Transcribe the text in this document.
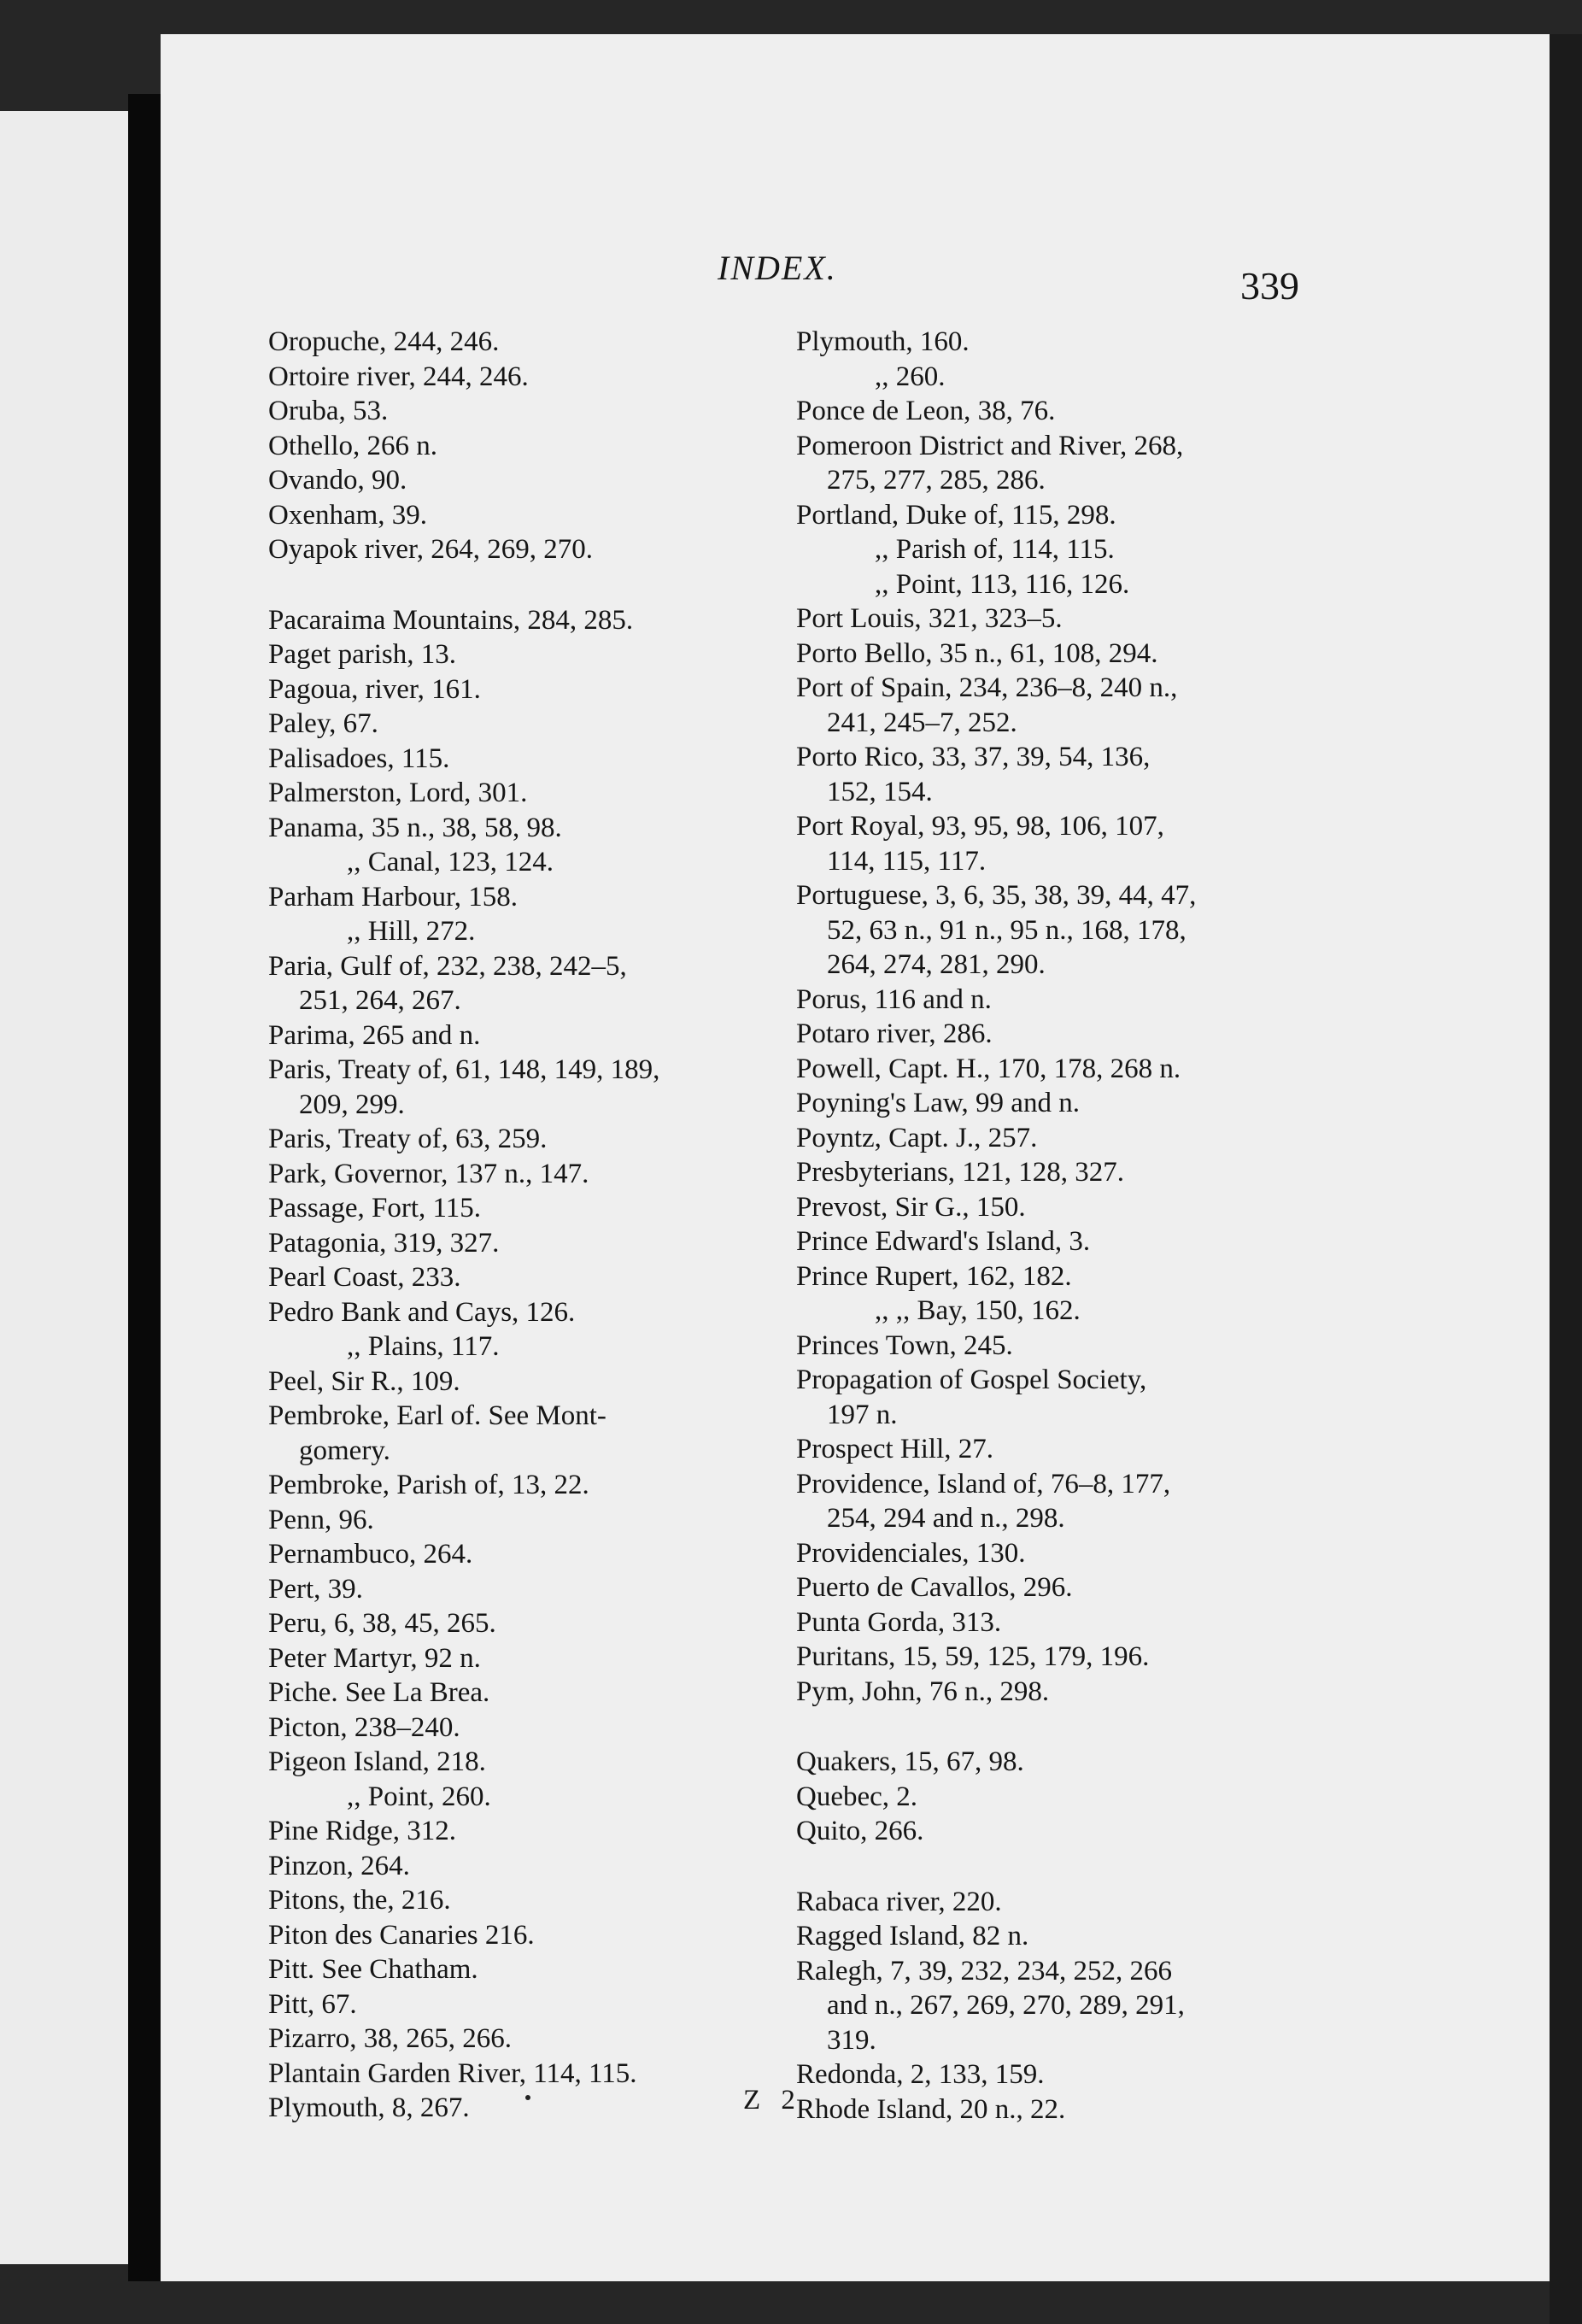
INDEX.	339
Oropuche, 244, 246.
Ortoire river, 244, 246.
Oruba, 53.
Othello, 266 n.
Ovando, 90.
Oxenham, 39.
Oyapok river, 264, 269, 270.
Pacaraima Mountains, 284, 285.
Paget parish, 13.
Pagoua, river, 161.
Paley, 67.
Palisadoes, 115.
Palmerston, Lord, 301.
Panama, 35 n., 38, 58, 98.
,, Canal, 123, 124.
Parham Harbour, 158.
,, Hill, 272.
Paria, Gulf of, 232, 238, 242–5,
251, 264, 267.
Parima, 265 and n.
Paris, Treaty of, 61, 148, 149, 189,
209, 299.
Paris, Treaty of, 63, 259.
Park, Governor, 137 n., 147.
Passage, Fort, 115.
Patagonia, 319, 327.
Pearl Coast, 233.
Pedro Bank and Cays, 126.
,, Plains, 117.
Peel, Sir R., 109.
Pembroke, Earl of. See Mont-
gomery.
Pembroke, Parish of, 13, 22.
Penn, 96.
Pernambuco, 264.
Pert, 39.
Peru, 6, 38, 45, 265.
Peter Martyr, 92 n.
Piche. See La Brea.
Picton, 238–240.
Pigeon Island, 218.
,, Point, 260.
Pine Ridge, 312.
Pinzon, 264.
Pitons, the, 216.
Piton des Canaries 216.
Pitt. See Chatham.
Pitt, 67.
Pizarro, 38, 265, 266.
Plantain Garden River, 114, 115.
Plymouth, 8, 267.
Plymouth, 160.
,, 260.
Ponce de Leon, 38, 76.
Pomeroon District and River, 268,
275, 277, 285, 286.
Portland, Duke of, 115, 298.
,, Parish of, 114, 115.
,, Point, 113, 116, 126.
Port Louis, 321, 323–5.
Porto Bello, 35 n., 61, 108, 294.
Port of Spain, 234, 236–8, 240 n.,
241, 245–7, 252.
Porto Rico, 33, 37, 39, 54, 136,
152, 154.
Port Royal, 93, 95, 98, 106, 107,
114, 115, 117.
Portuguese, 3, 6, 35, 38, 39, 44, 47,
52, 63 n., 91 n., 95 n., 168, 178,
264, 274, 281, 290.
Porus, 116 and n.
Potaro river, 286.
Powell, Capt. H., 170, 178, 268 n.
Poyning's Law, 99 and n.
Poyntz, Capt. J., 257.
Presbyterians, 121, 128, 327.
Prevost, Sir G., 150.
Prince Edward's Island, 3.
Prince Rupert, 162, 182.
,, ,, Bay, 150, 162.
Princes Town, 245.
Propagation of Gospel Society,
197 n.
Prospect Hill, 27.
Providence, Island of, 76–8, 177,
254, 294 and n., 298.
Providenciales, 130.
Puerto de Cavallos, 296.
Punta Gorda, 313.
Puritans, 15, 59, 125, 179, 196.
Pym, John, 76 n., 298.
Quakers, 15, 67, 98.
Quebec, 2.
Quito, 266.
Rabaca river, 220.
Ragged Island, 82 n.
Ralegh, 7, 39, 232, 234, 252, 266
and n., 267, 269, 270, 289, 291,
319.
Redonda, 2, 133, 159.
Rhode Island, 20 n., 22.
Z 2
